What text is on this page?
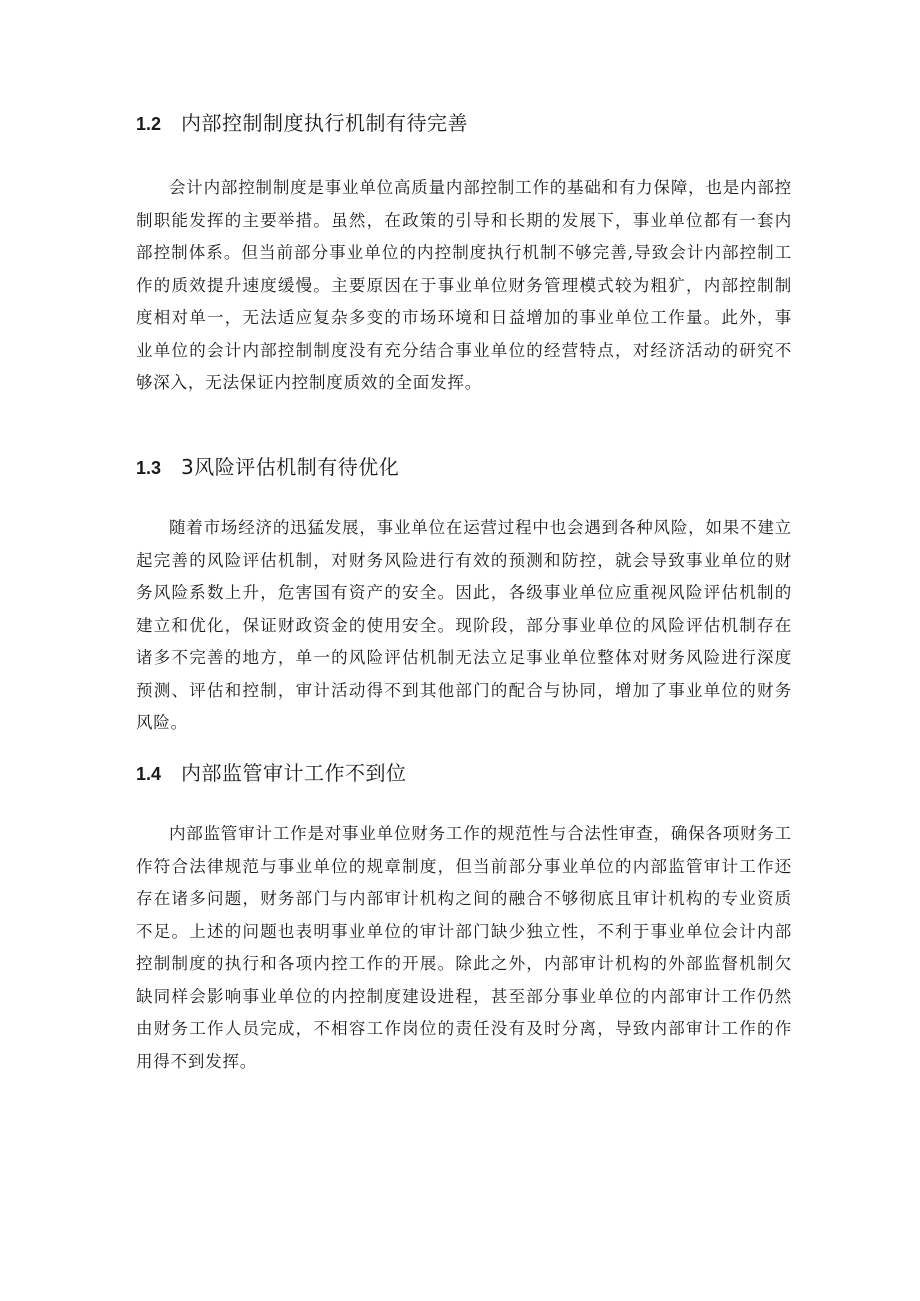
1.2 内部控制制度执行机制有待完善

会计内部控制制度是事业单位高质量内部控制工作的基础和有力保障，也是内部控制职能发挥的主要举措。虽然，在政策的引导和长期的发展下，事业单位都有一套内部控制体系。但当前部分事业单位的内控制度执行机制不够完善,导致会计内部控制工作的质效提升速度缓慢。主要原因在于事业单位财务管理模式较为粗犷，内部控制制度相对单一，无法适应复杂多变的市场环境和日益增加的事业单位工作量。此外，事业单位的会计内部控制制度没有充分结合事业单位的经营特点，对经济活动的研究不够深入，无法保证内控制度质效的全面发挥。

1.3 3风险评估机制有待优化

随着市场经济的迅猛发展，事业单位在运营过程中也会遇到各种风险，如果不建立起完善的风险评估机制，对财务风险进行有效的预测和防控，就会导致事业单位的财务风险系数上升，危害国有资产的安全。因此，各级事业单位应重视风险评估机制的建立和优化，保证财政资金的使用安全。现阶段，部分事业单位的风险评估机制存在诸多不完善的地方，单一的风险评估机制无法立足事业单位整体对财务风险进行深度预测、评估和控制，审计活动得不到其他部门的配合与协同，增加了事业单位的财务风险。

1.4 内部监管审计工作不到位

内部监管审计工作是对事业单位财务工作的规范性与合法性审查，确保各项财务工作符合法律规范与事业单位的规章制度，但当前部分事业单位的内部监管审计工作还存在诸多问题，财务部门与内部审计机构之间的融合不够彻底且审计机构的专业资质不足。上述的问题也表明事业单位的审计部门缺少独立性，不利于事业单位会计内部控制制度的执行和各项内控工作的开展。除此之外，内部审计机构的外部监督机制欠缺同样会影响事业单位的内控制度建设进程，甚至部分事业单位的内部审计工作仍然由财务工作人员完成，不相容工作岗位的责任没有及时分离，导致内部审计工作的作用得不到发挥。
